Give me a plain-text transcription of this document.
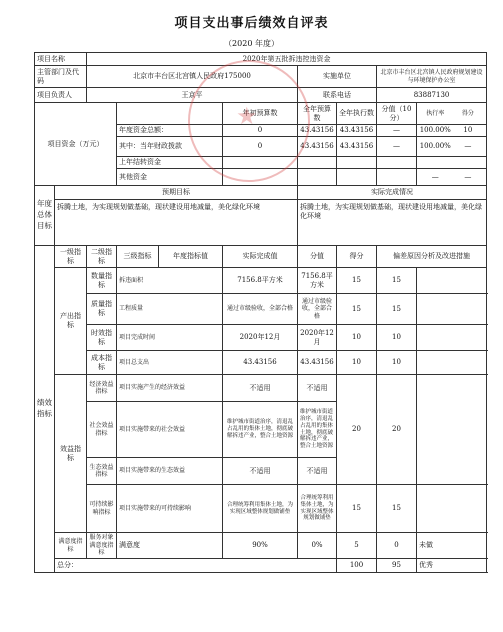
项目支出事后绩效自评表
（2020 年度）
项目名称		2020年第五批拆违控违资金							
主管部门及代码		北京市丰台区北宫镇人民政府175000				实施单位		北京市丰台区北宫镇人民政府规划建设与环境保护办公室	
项目负责人		王京平				联系电话		83887130	
项目资金（万元）					年初预算数	全年预算数	全年执行数	分值（10分）	执行率 得分

			年度资金总额：		0	43.43156	43.43156	—	100.00% 10

			其中：当年财政拨款		0	43.43156	43.43156	—	100.00% —

			上年结转资金						

			其他资金						— —

年度总体目标	预期目标					实际完成情况			
	拆腾土地，为实现规划做基础，现状建设用地减量，美化绿化环境					拆腾土地，为实现规划做基础，现状建设用地减量，美化绿化环境			
绩效指标	一级指标	二级指标	三级指标	年度指标值	实际完成值	分值	得分	偏差原因分析及改进措施	
	产出指标	数量指标	拆违面积		7156.8平方米	7156.8平方米	15	15	
		质量指标	工程质量		通过市级验收，全部合格	通过市级验收，全部合格	15	15	
		时效指标	项目完成时间		2020年12月	2020年12月	10	10	
		成本指标	项目总支出		43.43156	43.43156	10	10	
	效益指标	经济效益指标	项目实施产生的经济效益		不适用	不适用	20	20	
		社会效益指标	项目实施带来的社会效益		维护城市街道治序，清退乱占乱用的集体土地，彻底破解拆违产业，整合土地资源	维护城市街道治序，清退乱占乱用的集体土地，彻底破解拆违产业，整合土地资源			
		生态效益指标	项目实施带来的生态效益		不适用	不适用			
		可持续影响指标	项目实施带来的可持续影响		合理统筹利用集体土地，为实现区域整体规划做铺垫	合理统筹利用集体土地，为实现区域整体规划做铺垫	15	15	
	满意度指标	服务对象满意度指标	满意度		90%	0%	5	0	未做
	总分：						100	95	优秀
★
